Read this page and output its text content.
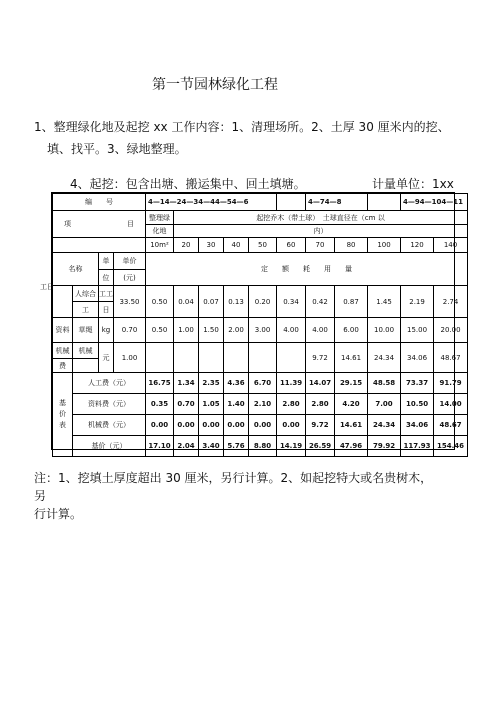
第一节园林绿化工程
1、整理绿化地及起挖 xx 工作内容：1、清理场所。2、土厚 30 厘米内的挖、
填、找平。3、绿地整理。
4、起挖：包含出塘、搬运集中、回土填塘。	计量单位：1xx
编　　号				4—14—24—34—44—54—6						4—74—8			4—94—104—11	
项　　　　　　　　目				整理绿	起挖乔木（带土球）　土球直径在（cm 以									
				化地	内）									
				10m²	20	30	40	50	60	70	80	100	120	140
名称		单	单价	定　　额　　耗　　用　　量										
		位	(元)											
	人综合	工工	33.50	0.50	0.04	0.07	0.13	0.20	0.34	0.42	0.87	1.45	2.19	2.74
	工	日												
资料	草绳	kg	0.70	0.50	1.00	1.50	2.00	3.00	4.00	4.00	6.00	10.00	15.00	20.00
机械	机械	元	1.00							9.72	14.61	24.34	34.06	48.67
费														
基
价
表	人工费（元）			16.75	1.34	2.35	4.36	6.70	11.39	14.07	29.15	48.58	73.37	91.79
	资料费（元）			0.35	0.70	1.05	1.40	2.10	2.80	2.80	4.20	7.00	10.50	14.00
	机械费（元）			0.00	0.00	0.00	0.00	0.00	0.00	9.72	14.61	24.34	34.06	48.67
	基价（元）			17.10	2.04	3.40	5.76	8.80	14.19	26.59	47.96	79.92	117.93	154.46
工日
注：1、挖填土厚度超出 30 厘米，另行计算。2、如起挖特大或名贵树木，另
行计算。
